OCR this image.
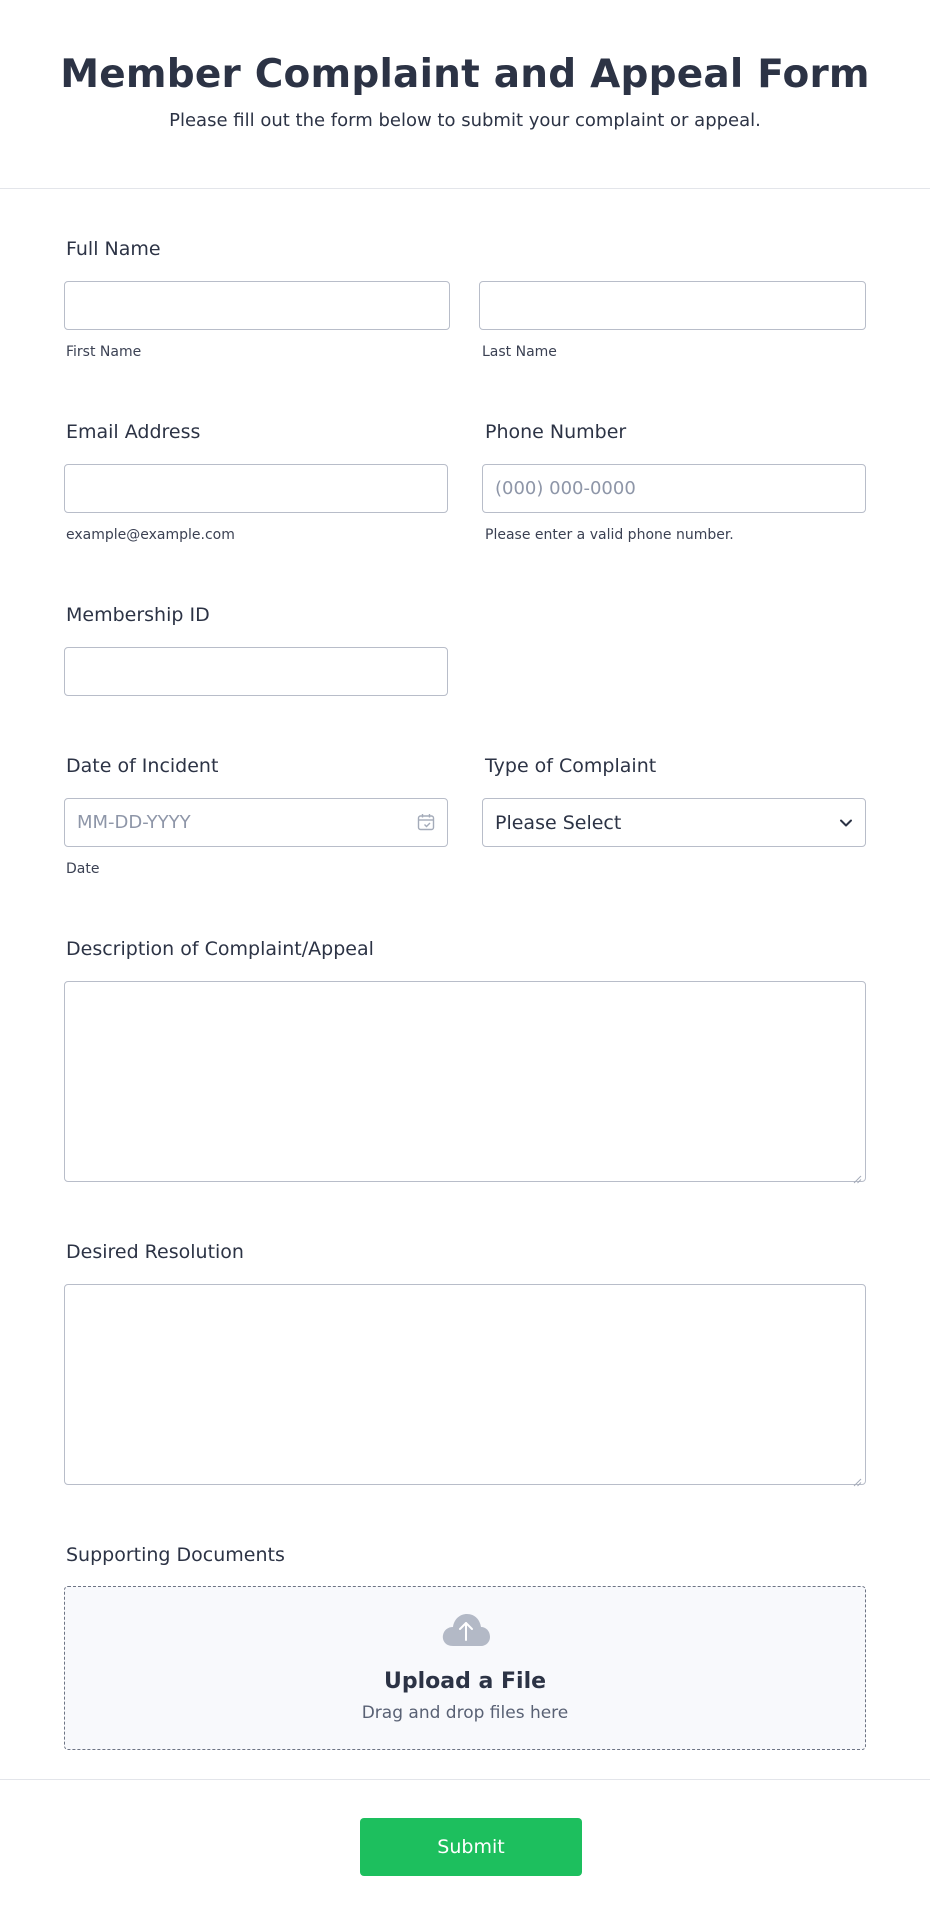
Member Complaint and Appeal Form
Please fill out the form below to submit your complaint or appeal.
Full Name
First Name	Last Name
Email Address
example@example.com
Phone Number
(000) 000-0000
Please enter a valid phone number.
Membership ID
Date of Incident
MM-DD-YYYY
Date
Type of Complaint
Please Select
Description of Complaint/Appeal
Desired Resolution
Supporting Documents
Upload a File
Drag and drop files here
Submit
